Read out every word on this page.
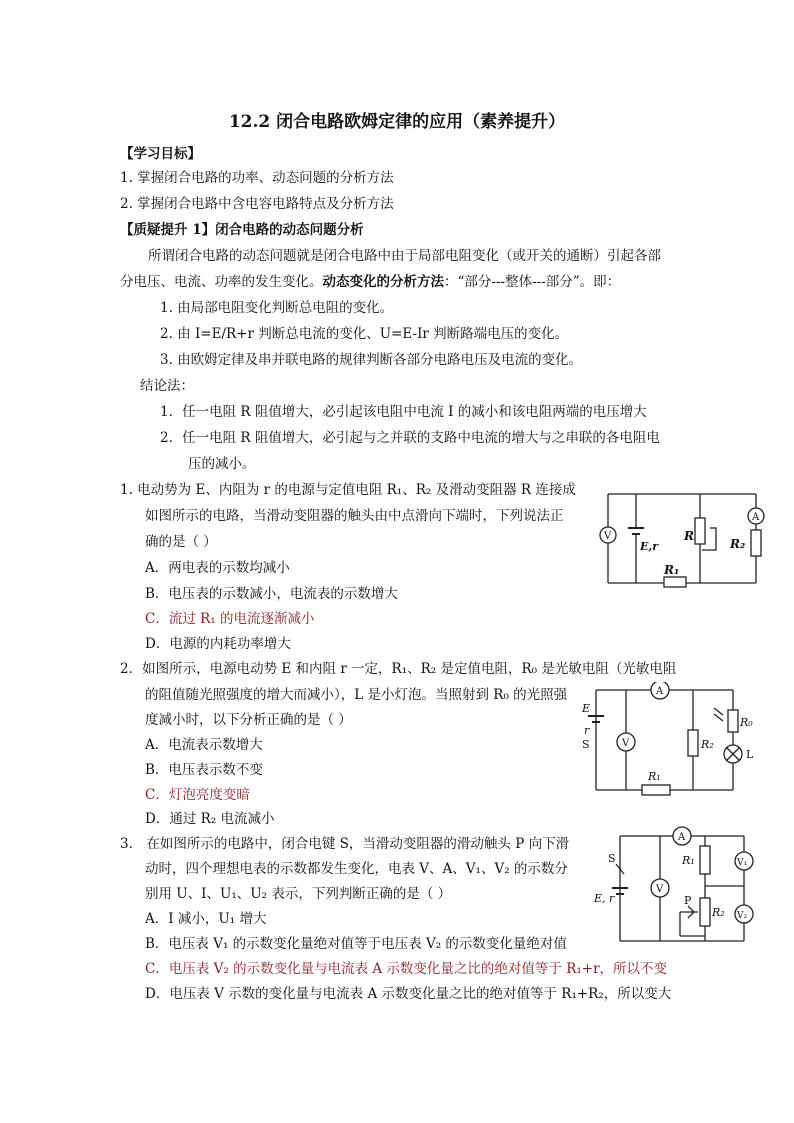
12.2 闭合电路欧姆定律的应用（素养提升）
【学习目标】
1. 掌握闭合电路的功率、动态问题的分析方法
2. 掌握闭合电路中含电容电路特点及分析方法
【质疑提升 1】闭合电路的动态问题分析
所谓闭合电路的动态问题就是闭合电路中由于局部电阻变化（或开关的通断）引起各部
分电压、电流、功率的发生变化。动态变化的分析方法：“部分---整体---部分”。即：
1. 由局部电阻变化判断总电阻的变化。
2. 由 I=E/R+r 判断总电流的变化、U=E-Ir 判断路端电压的变化。
3. 由欧姆定律及串并联电路的规律判断各部分电路电压及电流的变化。
结论法：
1．任一电阻 R 阻值增大，必引起该电阻中电流 I 的减小和该电阻两端的电压增大
2．任一电阻 R 阻值增大，必引起与之并联的支路中电流的增大与之串联的各电阻电
压的减小。
1. 电动势为 E、内阻为 r 的电源与定值电阻 R₁、R₂ 及滑动变阻器 R 连接成
如图所示的电路，当滑动变阻器的触头由中点滑向下端时，下列说法正
确的是（ ）
A．两电表的示数均减小
B．电压表的示数减小，电流表的示数增大
C．流过 R₁ 的电流逐渐减小
D．电源的内耗功率增大
V
A
E,r
R
R₁
R₂
2．如图所示，电源电动势 E 和内阻 r 一定，R₁、R₂ 是定值电阻，R₀ 是光敏电阻（光敏电阻
的阻值随光照强度的增大而减小），L 是小灯泡。当照射到 R₀ 的光照强
度减小时，以下分析正确的是（ ）
A．电流表示数增大
B．电压表示数不变
C．灯泡亮度变暗
D．通过 R₂ 电流减小
V
A
E
r
S	R₂
R₀
L
R₁
3． 在如图所示的电路中，闭合电键 S，当滑动变阻器的滑动触头 P 向下滑
动时，四个理想电表的示数都发生变化，电表 V、A、V₁、V₂ 的示数分
别用 U、I、U₁、U₂ 表示，下列判断正确的是（ ）
A．I 减小，U₁ 增大
B．电压表 V₁ 的示数变化量绝对值等于电压表 V₂ 的示数变化量绝对值
C．电压表 V₂ 的示数变化量与电流表 A 示数变化量之比的绝对值等于 R₁+r，所以不变
D．电压表 V 示数的变化量与电流表 A 示数变化量之比的绝对值等于 R₁+R₂，所以变大
V
A
V₁
V₂
S
E, r
R₁
R₂
P
